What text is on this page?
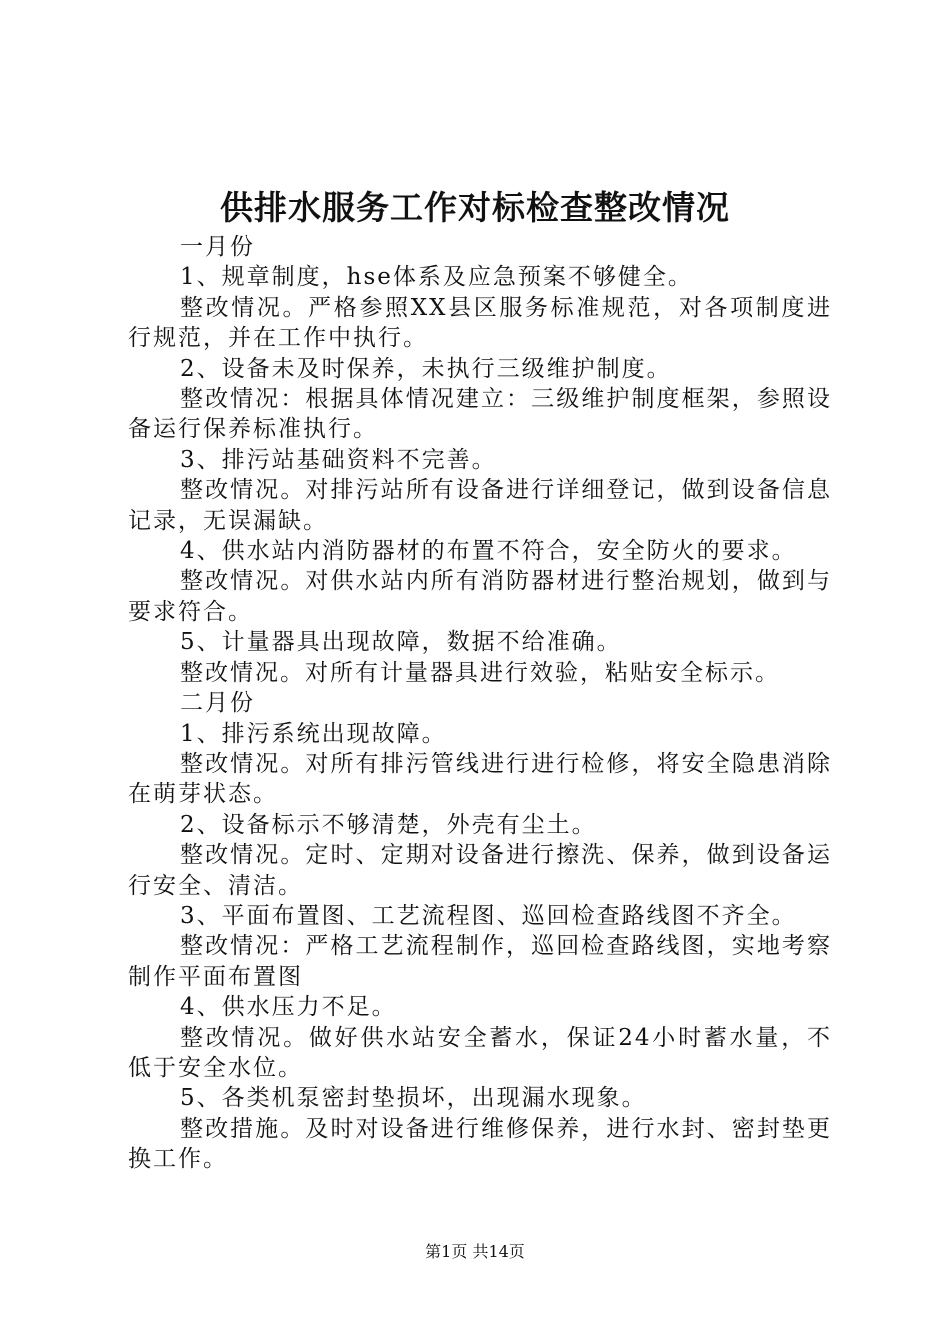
供排水服务工作对标检查整改情况

一月份

1、规章制度，hse体系及应急预案不够健全。

整改情况。严格参照XX县区服务标准规范，对各项制度进行规范，并在工作中执行。

2、设备未及时保养，未执行三级维护制度。

整改情况：根据具体情况建立：三级维护制度框架，参照设备运行保养标准执行。

3、排污站基础资料不完善。

整改情况。对排污站所有设备进行详细登记，做到设备信息记录，无误漏缺。

4、供水站内消防器材的布置不符合，安全防火的要求。

整改情况。对供水站内所有消防器材进行整治规划，做到与要求符合。

5、计量器具出现故障，数据不给准确。

整改情况。对所有计量器具进行效验，粘贴安全标示。

二月份

1、排污系统出现故障。

整改情况。对所有排污管线进行进行检修，将安全隐患消除在萌芽状态。

2、设备标示不够清楚，外壳有尘土。

整改情况。定时、定期对设备进行擦洗、保养，做到设备运行安全、清洁。

3、平面布置图、工艺流程图、巡回检查路线图不齐全。

整改情况：严格工艺流程制作，巡回检查路线图，实地考察制作平面布置图

4、供水压力不足。

整改情况。做好供水站安全蓄水，保证24小时蓄水量，不低于安全水位。

5、各类机泵密封垫损坏，出现漏水现象。

整改措施。及时对设备进行维修保养，进行水封、密封垫更换工作。

第1页 共14页
